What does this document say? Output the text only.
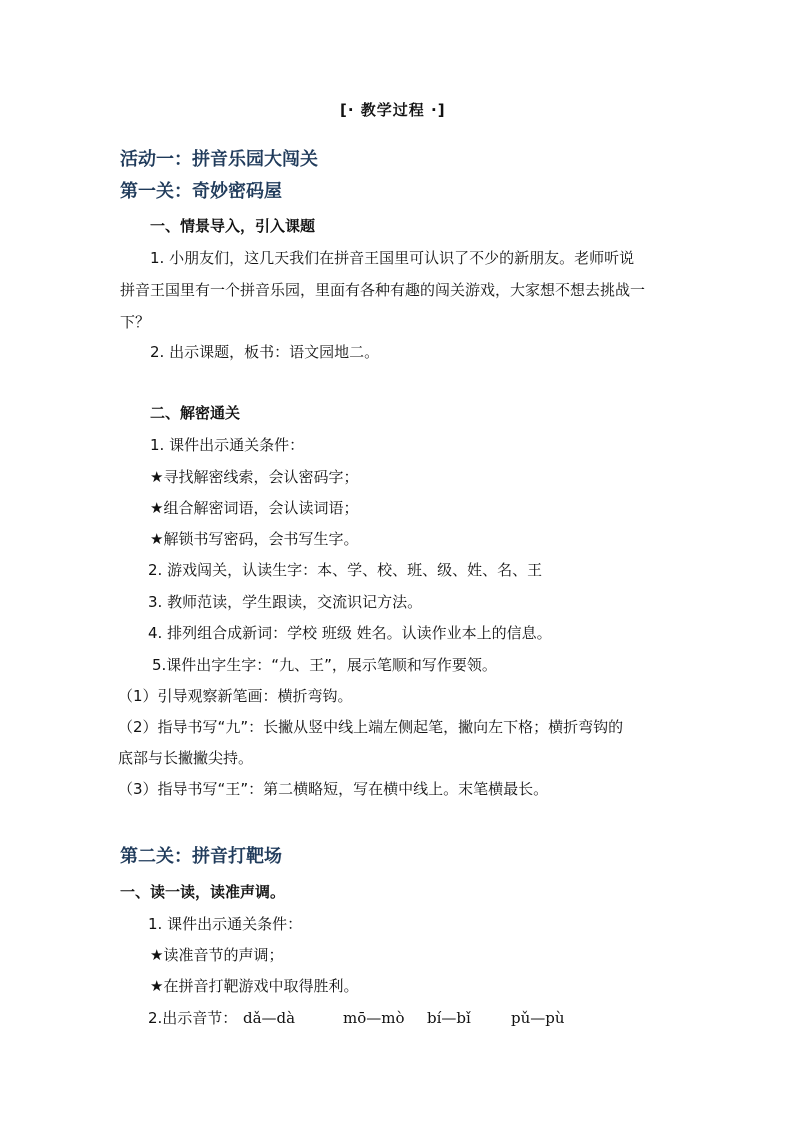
[· 教学过程 ·]
活动一：拼音乐园大闯关
第一关：奇妙密码屋
一、情景导入，引入课题
1. 小朋友们，这几天我们在拼音王国里可认识了不少的新朋友。老师听说
拼音王国里有一个拼音乐园，里面有各种有趣的闯关游戏，大家想不想去挑战一
下？
2. 出示课题，板书：语文园地二。
二、解密通关
1. 课件出示通关条件：
★寻找解密线索，会认密码字；
★组合解密词语，会认读词语；
★解锁书写密码，会书写生字。
2. 游戏闯关，认读生字：本、学、校、班、级、姓、名、王
3. 教师范读，学生跟读，交流识记方法。
4. 排列组合成新词：学校 班级 姓名。认读作业本上的信息。
5.课件出字生字：“九、王”，展示笔顺和写作要领。
（1）引导观察新笔画：横折弯钩。
（2）指导书写“九”：长撇从竖中线上端左侧起笔，撇向左下格；横折弯钩的
底部与长撇撇尖持。
（3）指导书写“王”：第二横略短，写在横中线上。末笔横最长。
第二关：拼音打靶场
一、读一读，读准声调。
1. 课件出示通关条件：
★读准音节的声调；
★在拼音打靶游戏中取得胜利。
2.出示音节： dǎ—dà	mō—mò bí—bǐ	pǔ—pù
